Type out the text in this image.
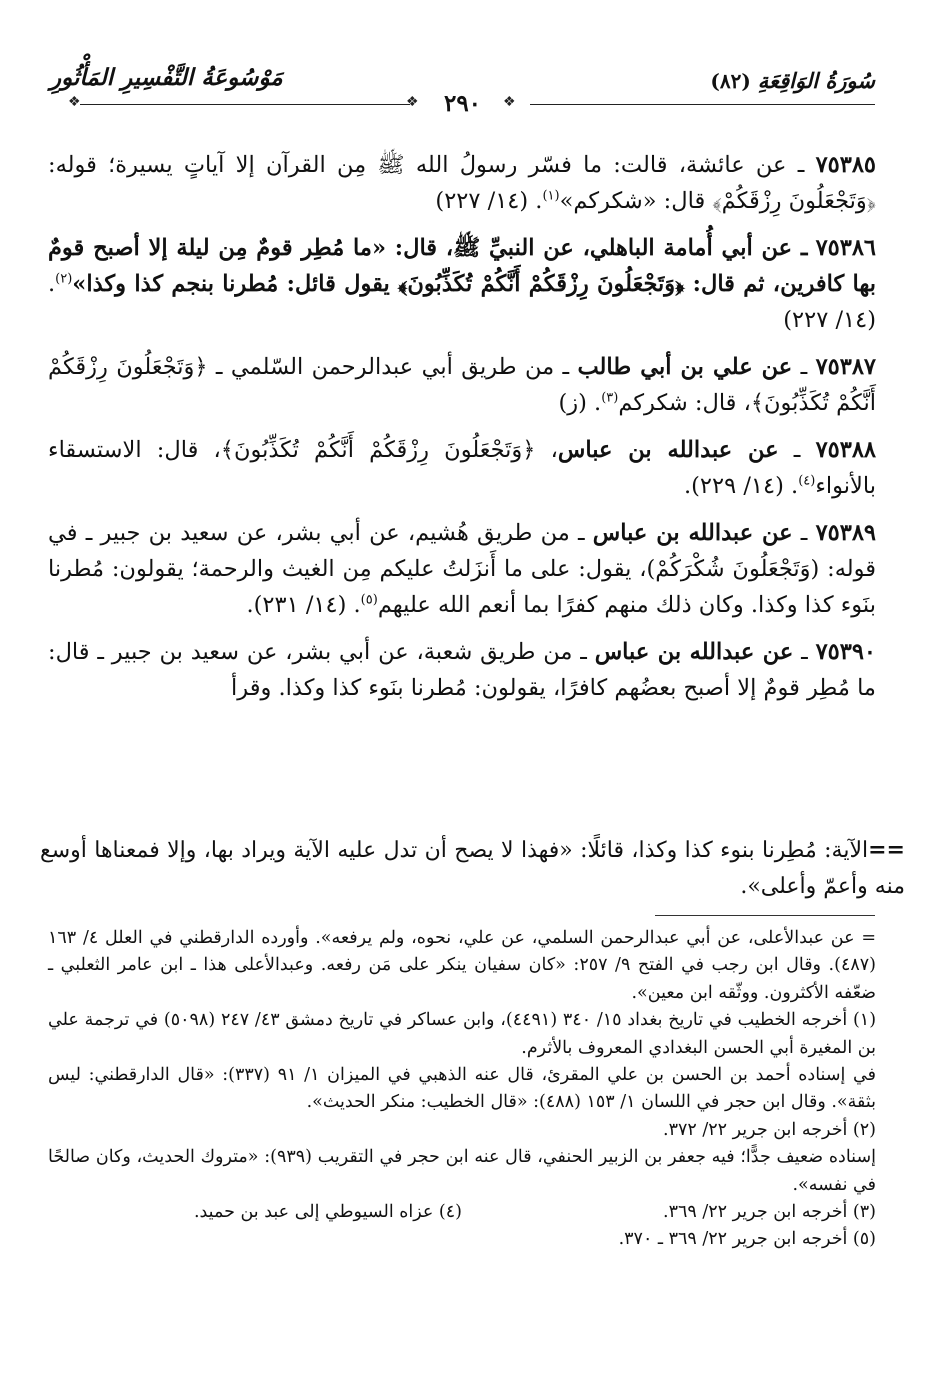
مَوْسُوعَةُ التَّفْسِيرِ المَأْثُورِ	سُورَةُ الوَاقِعَةِ (٨٢)
❖	❖	❖
٢٩٠

٧٥٣٨٥ ـ عن عائشة، قالت: ما فسّر رسولُ الله ﷺ مِن القرآن إلا آياتٍ يسيرة؛ قوله: ﴿وَتَجْعَلُونَ رِزْقَكُمْ﴾ قال: «شكركم»$^{(١)}$. (١٤/ ٢٢٧)

٧٥٣٨٦ ـ عن أبي أُمامة الباهلي، عن النبيِّ ﷺ، قال: «ما مُطِر قومٌ مِن ليلة إلا أصبح قومٌ بها كافرين، ثم قال: ﴿وَتَجْعَلُونَ رِزْقَكُمْ أَنَّكُمْ تُكَذِّبُونَ﴾ يقول قائل: مُطرنا بنجم كذا وكذا»$^{(٢)}$. (١٤/ ٢٢٧)

٧٥٣٨٧ ـ عن علي بن أبي طالب ـ من طريق أبي عبدالرحمن السّلمي ـ ﴿وَتَجْعَلُونَ رِزْقَكُمْ أَنَّكُمْ تُكَذِّبُونَ﴾، قال: شكركم$^{(٣)}$. (ز)

٧٥٣٨٨ ـ عن عبدالله بن عباس، ﴿وَتَجْعَلُونَ رِزْقَكُمْ أَنَّكُمْ تُكَذِّبُونَ﴾، قال: الاستسقاء بالأنواء$^{(٤)}$. (١٤/ ٢٢٩).

٧٥٣٨٩ ـ عن عبدالله بن عباس ـ من طريق هُشيم، عن أبي بشر، عن سعيد بن جبير ـ في قوله: (وَتَجْعَلُونَ شُكْرَكُمْ)، يقول: على ما أَنزَلتُ عليكم مِن الغيث والرحمة؛ يقولون: مُطرنا بنَوء كذا وكذا. وكان ذلك منهم كفرًا بما أنعم الله عليهم$^{(٥)}$. (١٤/ ٢٣١).

٧٥٣٩٠ ـ عن عبدالله بن عباس ـ من طريق شعبة، عن أبي بشر، عن سعيد بن جبير ـ قال: ما مُطِر قومٌ إلا أصبح بعضُهم كافرًا، يقولون: مُطرنا بنَوء كذا وكذا. وقرأ

==الآية: مُطِرنا بنوء كذا وكذا، قائلًا: «فهذا لا يصح أن تدل عليه الآية ويراد بها، وإلا فمعناها أوسع منه وأعمّ وأعلى».

= عن عبدالأعلى، عن أبي عبدالرحمن السلمي، عن علي، نحوه، ولم يرفعه». وأورده الدارقطني في العلل ٤/ ١٦٣ (٤٨٧). وقال ابن رجب في الفتح ٩/ ٢٥٧: «كان سفيان ينكر على مَن رفعه. وعبدالأعلى هذا ـ ابن عامر الثعلبي ـ ضعّفه الأكثرون. ووثّقه ابن معين».

(١) أخرجه الخطيب في تاريخ بغداد ١٥/ ٣٤٠ (٤٤٩١)، وابن عساكر في تاريخ دمشق ٤٣/ ٢٤٧ (٥٠٩٨) في ترجمة علي بن المغيرة أبي الحسن البغدادي المعروف بالأثرم.

في إسناده أحمد بن الحسن بن علي المقرئ، قال عنه الذهبي في الميزان ١/ ٩١ (٣٣٧): «قال الدارقطني: ليس بثقة». وقال ابن حجر في اللسان ١/ ١٥٣ (٤٨٨): «قال الخطيب: منكر الحديث».

(٢) أخرجه ابن جرير ٢٢/ ٣٧٢.

إسناده ضعيف جدًّا؛ فيه جعفر بن الزبير الحنفي، قال عنه ابن حجر في التقريب (٩٣٩): «متروك الحديث، وكان صالحًا في نفسه».

(٣) أخرجه ابن جرير ٢٢/ ٣٦٩.
(٤) عزاه السيوطي إلى عبد بن حميد.

(٥) أخرجه ابن جرير ٢٢/ ٣٦٩ ـ ٣٧٠.
